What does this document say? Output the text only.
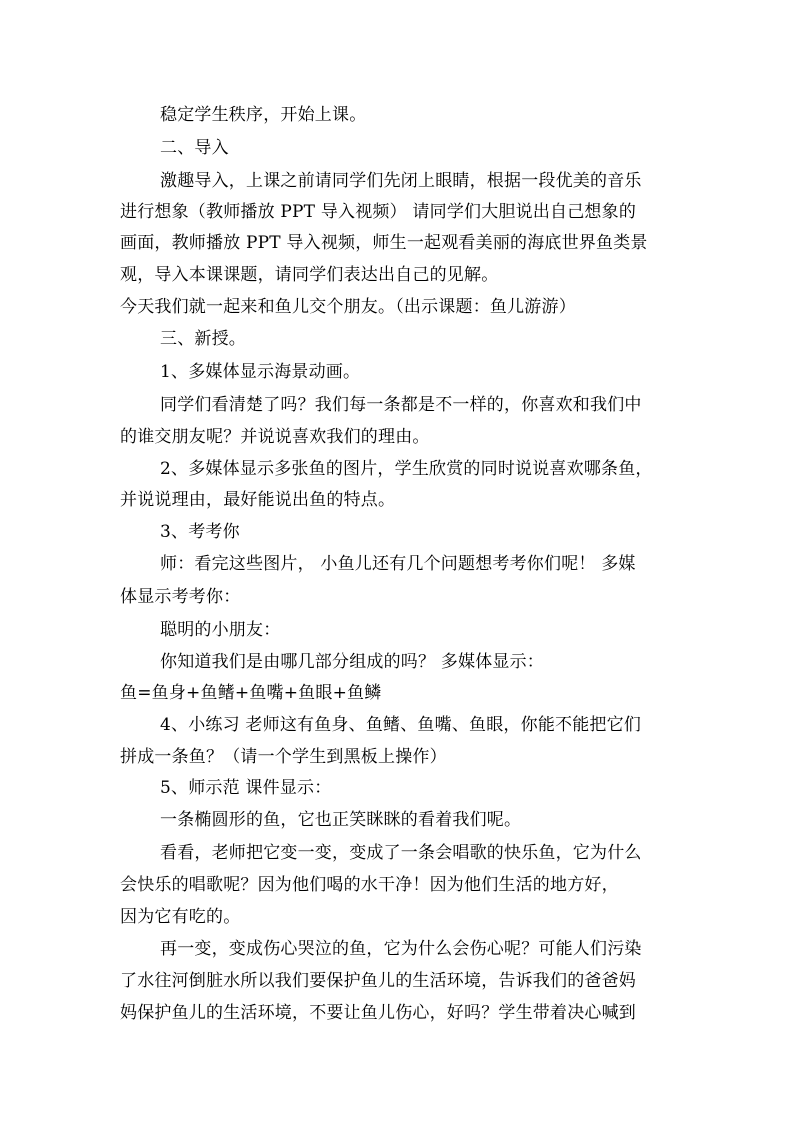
稳定学生秩序，开始上课。
二、导入
激趣导入，上课之前请同学们先闭上眼睛，根据一段优美的音乐
进行想象（教师播放 PPT 导入视频） 请同学们大胆说出自己想象的
画面，教师播放 PPT 导入视频，师生一起观看美丽的海底世界鱼类景
观，导入本课课题，请同学们表达出自己的见解。
今天我们就一起来和鱼儿交个朋友。（出示课题：鱼儿游游）
三、新授。
1、多媒体显示海景动画。
同学们看清楚了吗？我们每一条都是不一样的，你喜欢和我们中
的谁交朋友呢？并说说喜欢我们的理由。
2、多媒体显示多张鱼的图片，学生欣赏的同时说说喜欢哪条鱼，
并说说理由，最好能说出鱼的特点。
3、考考你
师：看完这些图片， 小鱼儿还有几个问题想考考你们呢！ 多媒
体显示考考你：
聪明的小朋友：
你知道我们是由哪几部分组成的吗？ 多媒体显示：
鱼=鱼身+鱼鳍+鱼嘴+鱼眼+鱼鳞
4、小练习 老师这有鱼身、鱼鳍、鱼嘴、鱼眼，你能不能把它们
拼成一条鱼？（请一个学生到黑板上操作）
5、师示范 课件显示：
一条椭圆形的鱼，它也正笑眯眯的看着我们呢。
看看，老师把它变一变，变成了一条会唱歌的快乐鱼，它为什么
会快乐的唱歌呢？因为他们喝的水干净！因为他们生活的地方好，
因为它有吃的。
再一变，变成伤心哭泣的鱼，它为什么会伤心呢？可能人们污染
了水往河倒脏水所以我们要保护鱼儿的生活环境，告诉我们的爸爸妈
妈保护鱼儿的生活环境，不要让鱼儿伤心，好吗？学生带着决心喊到
